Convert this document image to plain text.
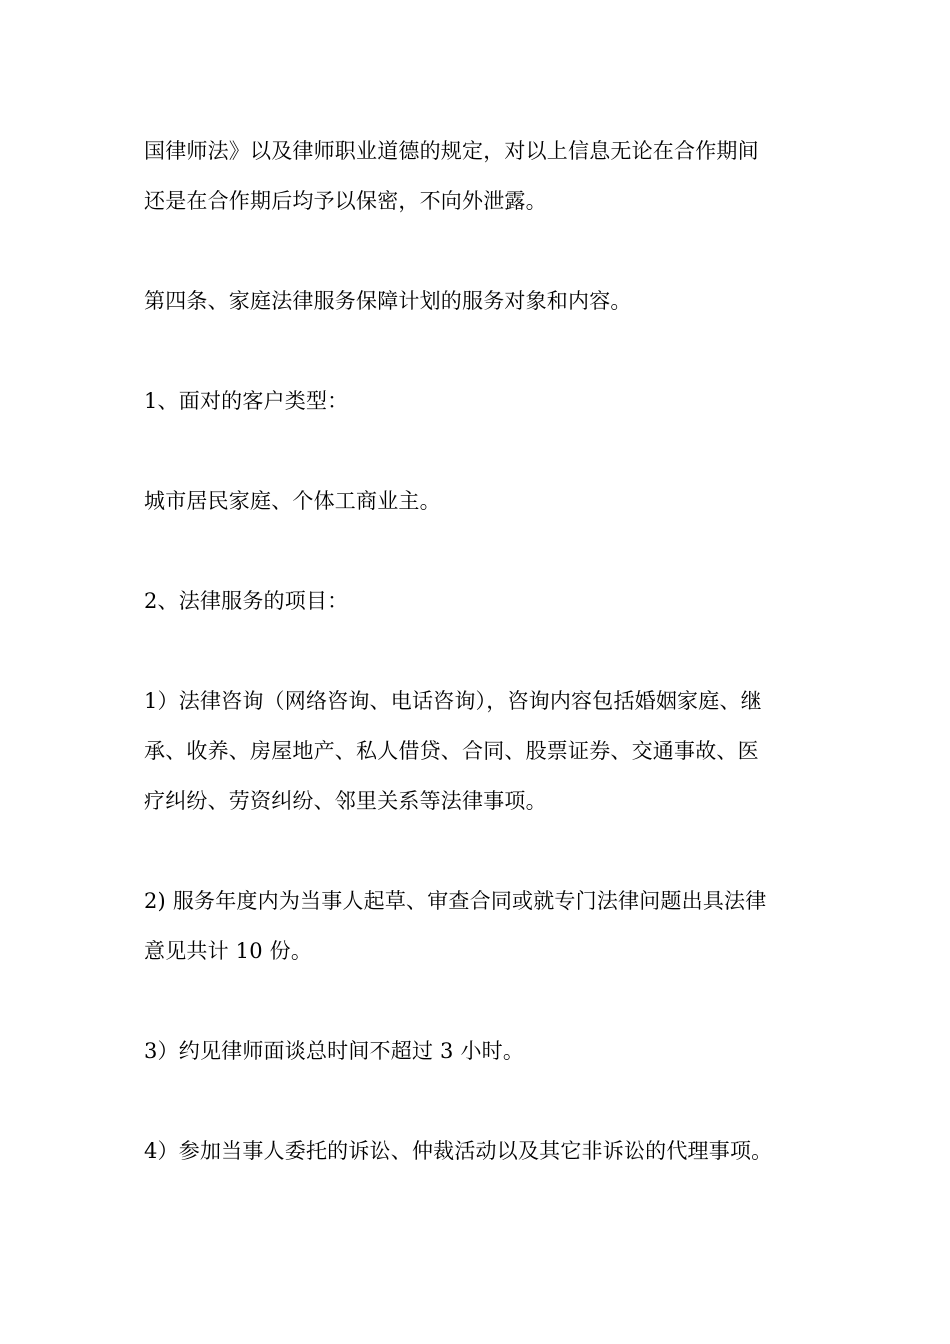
国律师法》以及律师职业道德的规定，对以上信息无论在合作期间
还是在合作期后均予以保密，不向外泄露。
第四条、家庭法律服务保障计划的服务对象和内容。
1、面对的客户类型：
城市居民家庭、个体工商业主。
2、法律服务的项目：
1）法律咨询（网络咨询、电话咨询），咨询内容包括婚姻家庭、继
承、收养、房屋地产、私人借贷、合同、股票证券、交通事故、医
疗纠纷、劳资纠纷、邻里关系等法律事项。
2) 服务年度内为当事人起草、审查合同或就专门法律问题出具法律
意见共计 10 份。
3）约见律师面谈总时间不超过 3 小时。
4）参加当事人委托的诉讼、仲裁活动以及其它非诉讼的代理事项。
